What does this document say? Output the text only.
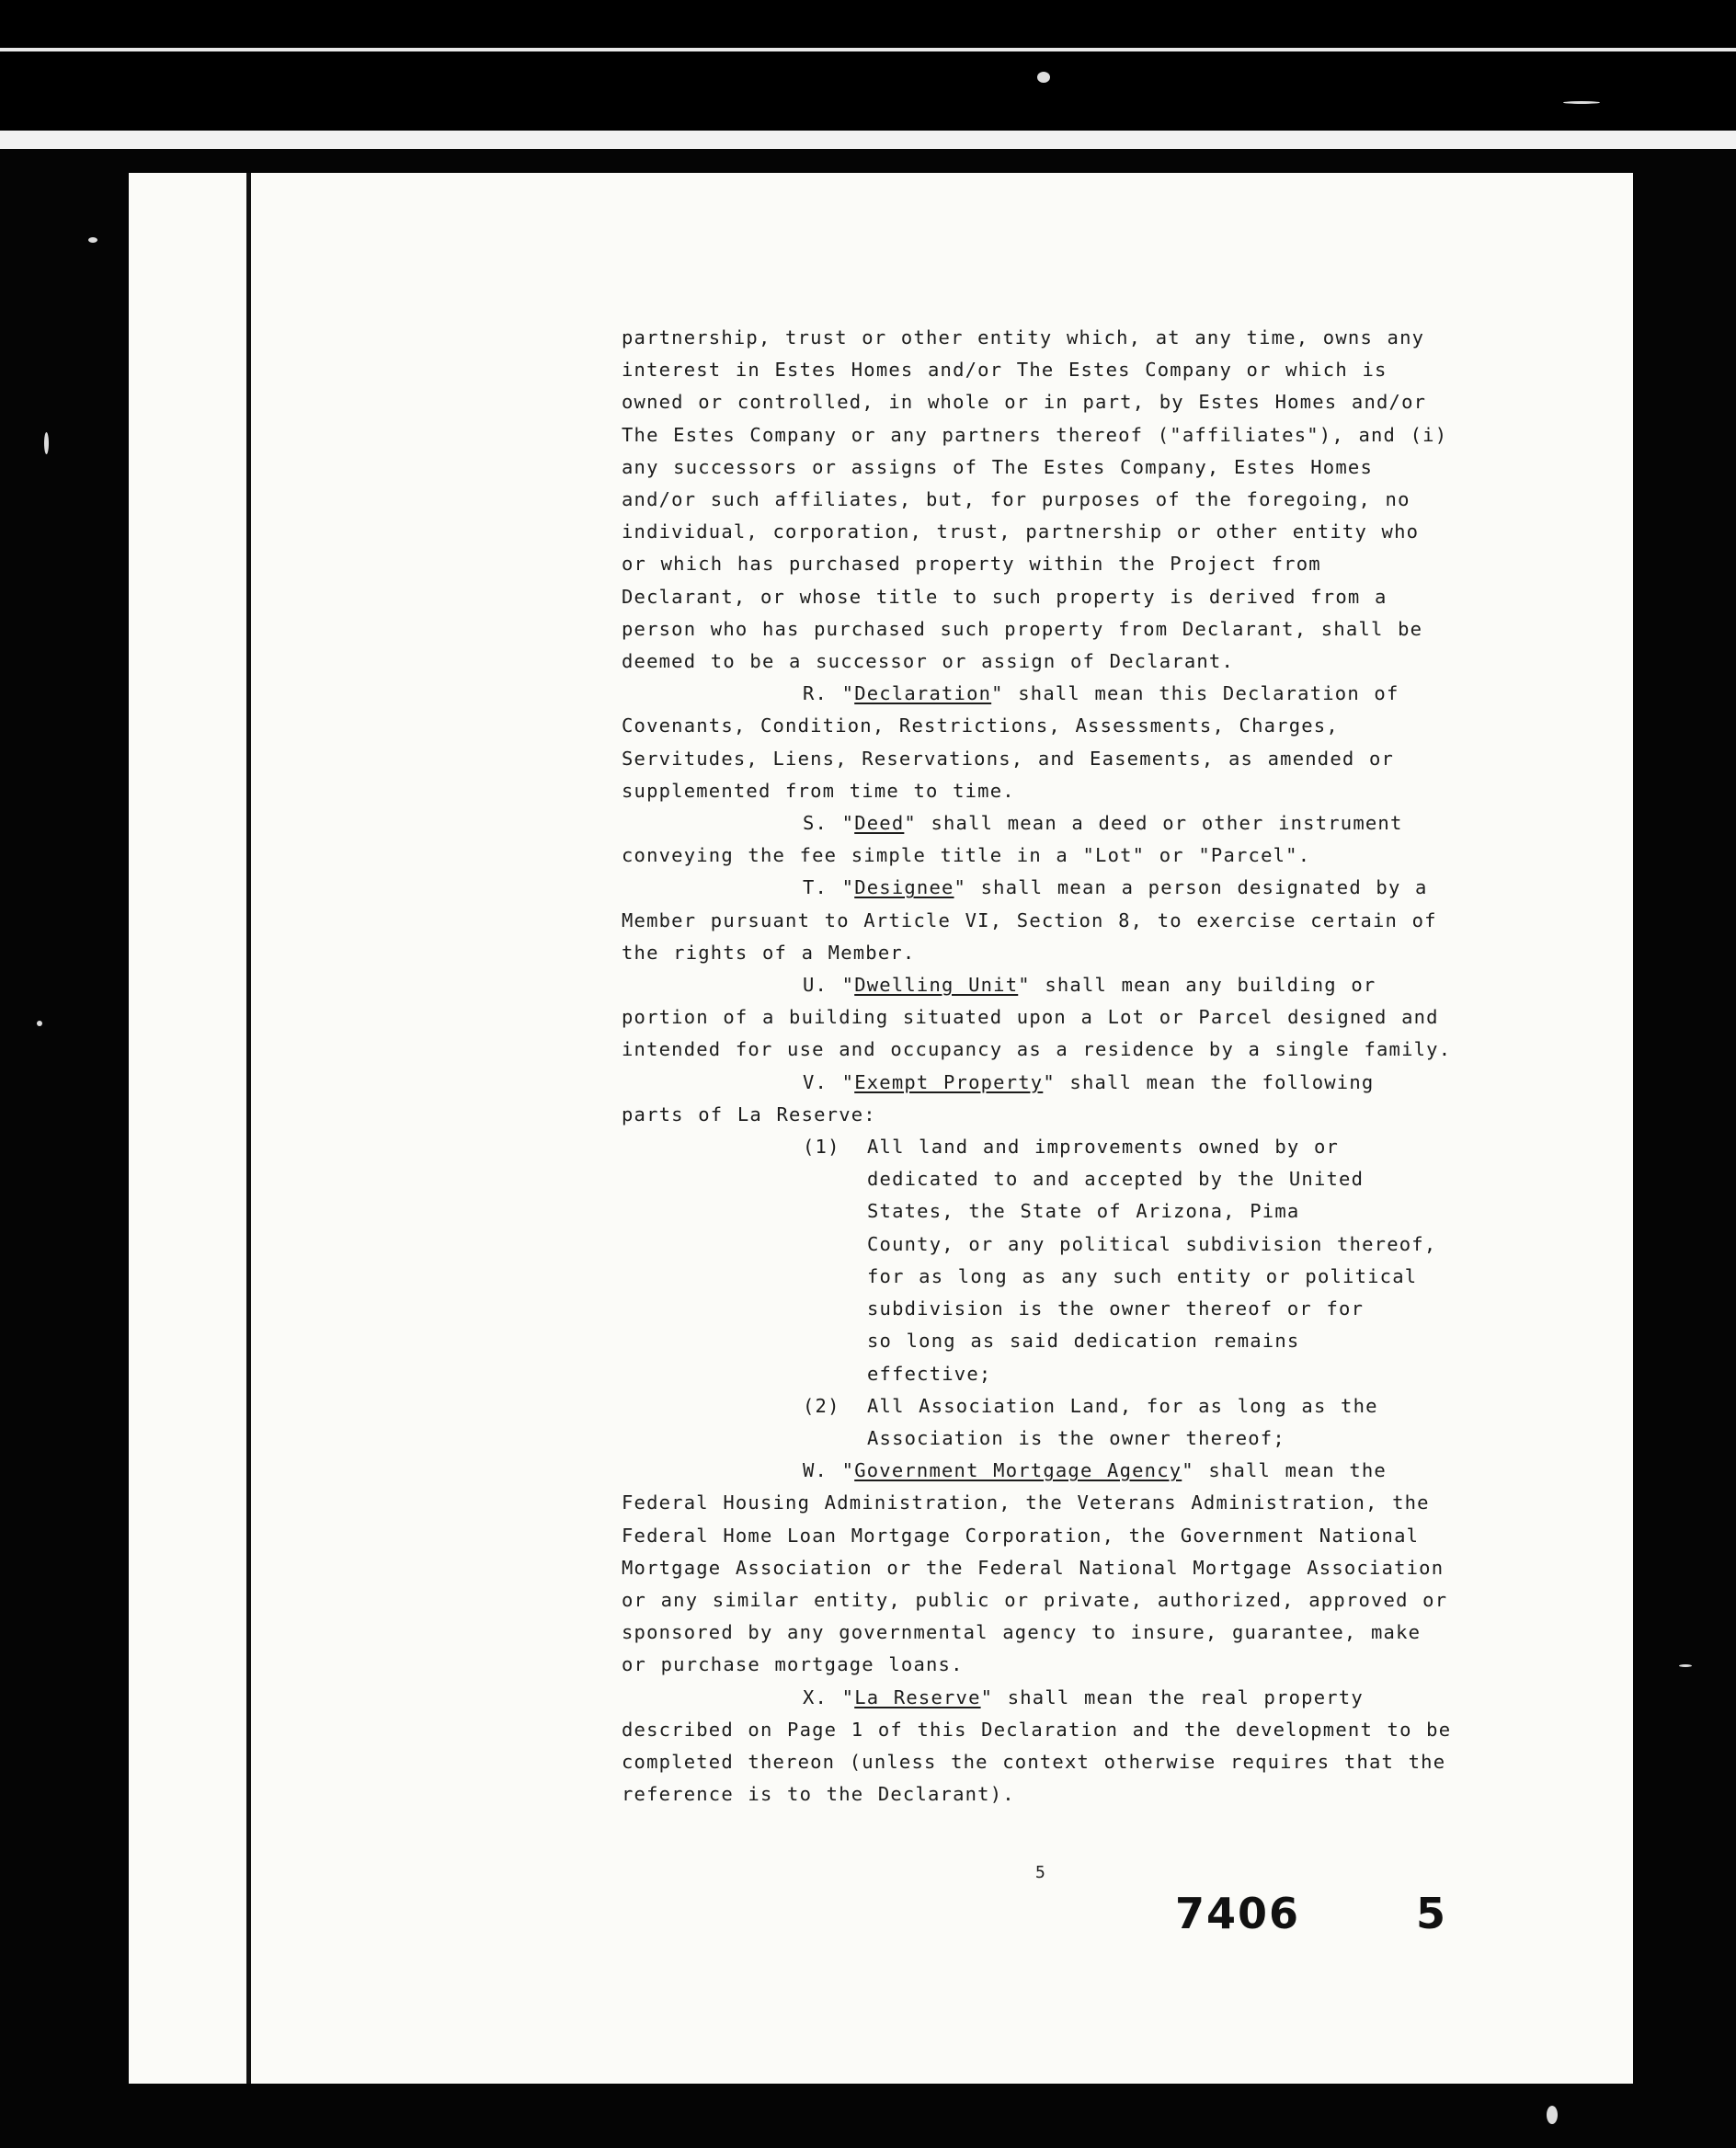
partnership, trust or other entity which, at any time, owns any

interest in Estes Homes and/or The Estes Company or which is

owned or controlled, in whole or in part, by Estes Homes and/or

The Estes Company or any partners thereof ("affiliates"), and (i)

any successors or assigns of The Estes Company, Estes Homes

and/or such affiliates, but, for purposes of the foregoing, no

individual, corporation, trust, partnership or other entity who

or which has purchased property within the Project from

Declarant, or whose title to such property is derived from a

person who has purchased such property from Declarant, shall be

deemed to be a successor or assign of Declarant.

R. "Declaration" shall mean this Declaration of

Covenants, Condition, Restrictions, Assessments, Charges,

Servitudes, Liens, Reservations, and Easements, as amended or

supplemented from time to time.

S. "Deed" shall mean a deed or other instrument

conveying the fee simple title in a "Lot" or "Parcel".

T. "Designee" shall mean a person designated by a

Member pursuant to Article VI, Section 8, to exercise certain of

the rights of a Member.

U. "Dwelling Unit" shall mean any building or

portion of a building situated upon a Lot or Parcel designed and

intended for use and occupancy as a residence by a single family.

V. "Exempt Property" shall mean the following

parts of La Reserve:

(1)	All land and improvements owned by or

dedicated to and accepted by the United

States, the State of Arizona, Pima

County, or any political subdivision thereof,

for as long as any such entity or political

subdivision is the owner thereof or for

so long as said dedication remains

effective;

(2)	All Association Land, for as long as the

Association is the owner thereof;

W. "Government Mortgage Agency" shall mean the

Federal Housing Administration, the Veterans Administration, the

Federal Home Loan Mortgage Corporation, the Government National

Mortgage Association or the Federal National Mortgage Association

or any similar entity, public or private, authorized, approved or

sponsored by any governmental agency to insure, guarantee, make

or purchase mortgage loans.

X. "La Reserve" shall mean the real property

described on Page 1 of this Declaration and the development to be

completed thereon (unless the context otherwise requires that the

reference is to the Declarant).

5
7406	5
